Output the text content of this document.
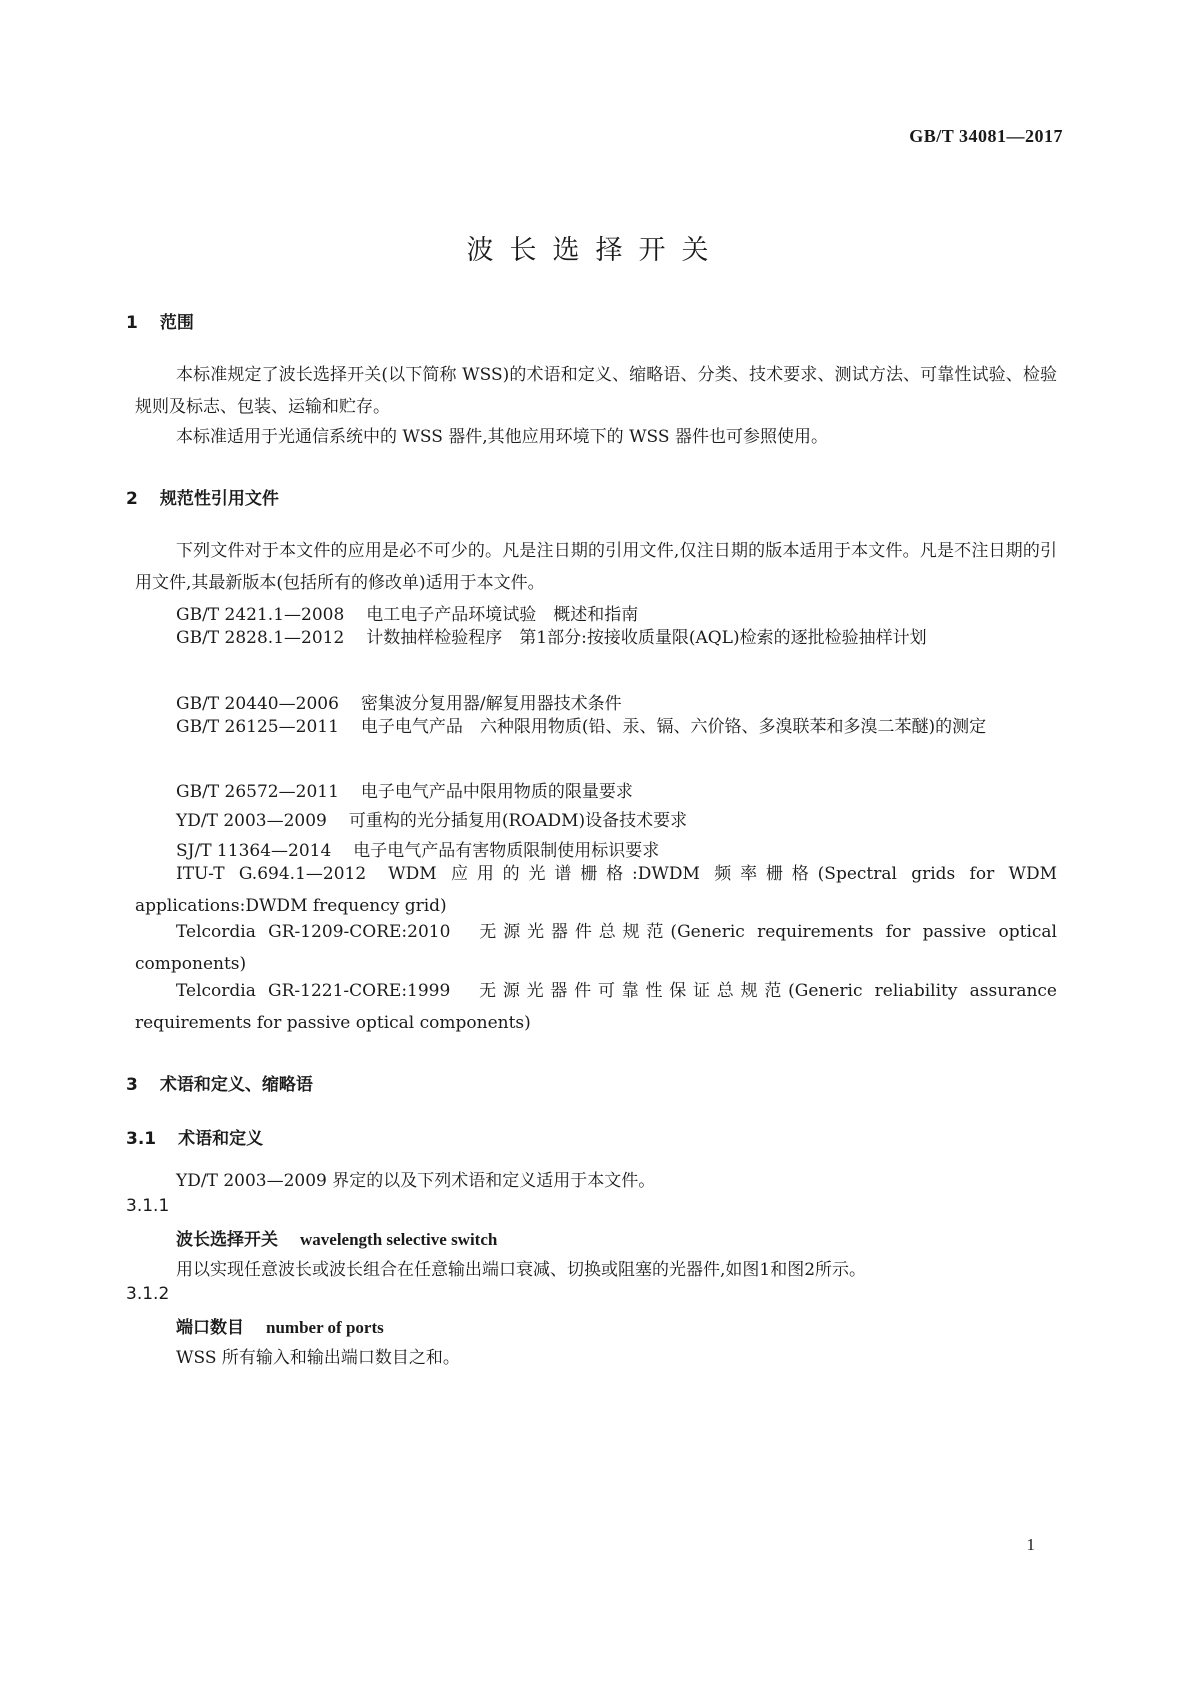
GB/T 34081—2017
波长选择开关
1 范围

本标准规定了波长选择开关(以下简称 WSS)的术语和定义、缩略语、分类、技术要求、测试方法、可靠性试验、检验规则及标志、包装、运输和贮存。

本标准适用于光通信系统中的 WSS 器件,其他应用环境下的 WSS 器件也可参照使用。

2 规范性引用文件

下列文件对于本文件的应用是必不可少的。凡是注日期的引用文件,仅注日期的版本适用于本文件。凡是不注日期的引用文件,其最新版本(包括所有的修改单)适用于本文件。

GB/T 2421.1—2008 电工电子产品环境试验　概述和指南

GB/T 2828.1—2012 计数抽样检验程序　第1部分:按接收质量限(AQL)检索的逐批检验抽样计划

GB/T 20440—2006 密集波分复用器/解复用器技术条件

GB/T 26125—2011 电子电气产品　六种限用物质(铅、汞、镉、六价铬、多溴联苯和多溴二苯醚)的测定

GB/T 26572—2011 电子电气产品中限用物质的限量要求
YD/T 2003—2009 可重构的光分插复用(ROADM)设备技术要求
SJ/T 11364—2014 电子电气产品有害物质限制使用标识要求

ITU-T G.694.1—2012 WDM 应用的光谱栅格:DWDM 频率栅格(Spectral grids for WDM applications:DWDM frequency grid)

Telcordia GR-1209-CORE:2010 无源光器件总规范(Generic requirements for passive optical components)

Telcordia GR-1221-CORE:1999 无源光器件可靠性保证总规范(Generic reliability assurance requirements for passive optical components)

3 术语和定义、缩略语
3.1 术语和定义
YD/T 2003—2009 界定的以及下列术语和定义适用于本文件。
3.1.1
波长选择开关 wavelength selective switch
用以实现任意波长或波长组合在任意输出端口衰减、切换或阻塞的光器件,如图1和图2所示。
3.1.2
端口数目 number of ports
WSS 所有输入和输出端口数目之和。
1
